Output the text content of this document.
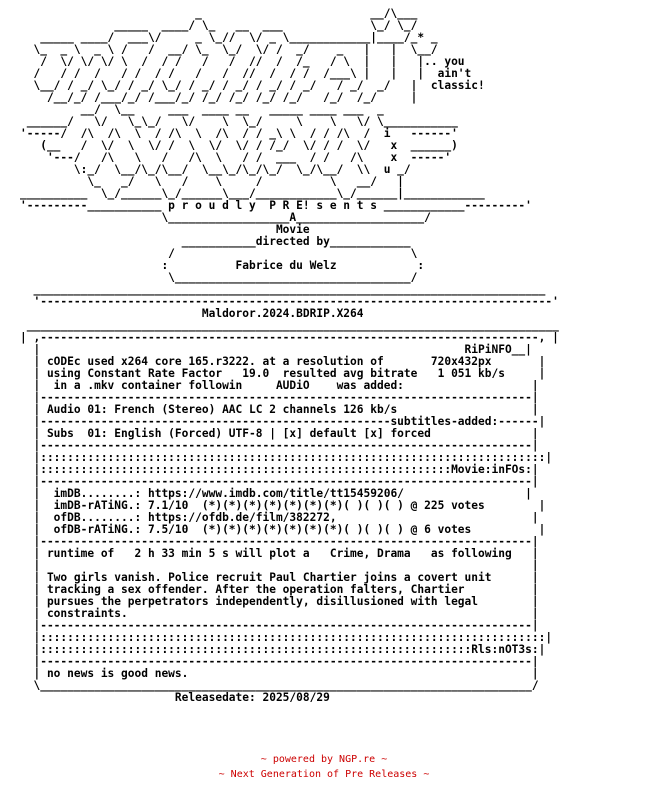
_                         __/\___
_____  ____/ \_   __  ___             \_/ \_/
_____ ____/  ___\/     _ \_//  \/ _ \____________|____/_* _
\_  _ \  _ \ /   /  __/ \_  \_/  \/ /  _/    _   |   |  \__/
/  \/ \/ \/ \  /  / /   /   /  //  /  /_   / \  |   |   |.. you
/   / /  /   / /  / /   /   /  //  /  / /  /___\ |   |   |  ain't
\__/ / _/ \_/ / _/ \_/ / _/ / _/ / _/ / _/   / _/  _/   |  classic!
/__/_/ /___/_/ /___/_/ /_/ /_/ /_/ /_/   /_/  /_/     |
__/  \__     ___  ____ __   _____ ____ ___  _
______/   \/   \_\_/   \/    \  \_/     \    \   \/ \___________
'-----/  /\  /\  \  / /\  \  /\  / / _\ \  / / /\  /  i   ------'
(__   /  \/  \  \/ /  \  \/  \/ / /_/  \/ / /  \/   x  ______)
'---/   /\   \   /   /\  \   / /  ___  / /   /\    x  -----'
\:_/  \__/\_/\__/  \__\_/\_/\_/  \_/\__/  \\  u _/
\_   _/   \   /    \     /          \   __/   |
__________  \_/______\_/______\___/____________\_/______|____________
'---------___________ p r o u d l y  P R E! s e n t s ____________---------'
\__________________A___________________/
Movie
___________directed by____________
/                                   \
:          Fabrice du Welz            :
\___________________________________/
____________________________________________________________________________
'----------------------------------------------------------------------------'
Maldoror.2024.BDRIP.X264
_______________________________________________________________________________
| ,--------------------------------------------------------------------------, |
|                                                               RiPiNFO__|
| cODEc used x264 core 165.r3222. at a resolution of       720x432px       |
| using Constant Rate Factor   19.0  resulted avg bitrate   1 051 kb/s     |
|  in a .mkv container followin     AUDiO    was added:                   |
|-------------------------------------------------------------------------|
| Audio 01: French (Stereo) AAC LC 2 channels 126 kb/s                    |
|----------------------------------------------------subtitles-added:------|
| Subs  01: English (Forced) UTF-8 | [x] default [x] forced               |
|-------------------------------------------------------------------------|
|:::::::::::::::::::::::::::::::::::::::::::::::::::::::::::::::::::::::::::|
|:::::::::::::::::::::::::::::::::::::::::::::::::::::::::::::Movie:inFOs:|
|-------------------------------------------------------------------------|
|  imDB........: https://www.imdb.com/title/tt15459206/                  |
|  imDB-rATiNG.: 7.1/10  (*)(*)(*)(*)(*)(*)(*)( )( )( ) @ 225 votes        |
|  ofDB........: https://ofdb.de/film/382272,                             |
|  ofDB-rATiNG.: 7.5/10  (*)(*)(*)(*)(*)(*)(*)( )( )( ) @ 6 votes          |
|-------------------------------------------------------------------------|
| runtime of   2 h 33 min 5 s will plot a   Crime, Drama   as following   |
|                                                                         |
| Two girls vanish. Police recruit Paul Chartier joins a covert unit      |
| tracking a sex offender. After the operation falters, Chartier          |
| pursues the perpetrators independently, disillusioned with legal        |
| constraints.                                                            |
|-------------------------------------------------------------------------|
|:::::::::::::::::::::::::::::::::::::::::::::::::::::::::::::::::::::::::::|
|::::::::::::::::::::::::::::::::::::::::::::::::::::::::::::::::Rls:nOT3s:|
|-------------------------------------------------------------------------|
| no news is good news.                                                   |
\_________________________________________________________________________/
Releasedate: 2025/08/29
~ powered by NGP.re ~
~ Next Generation of Pre Releases ~
